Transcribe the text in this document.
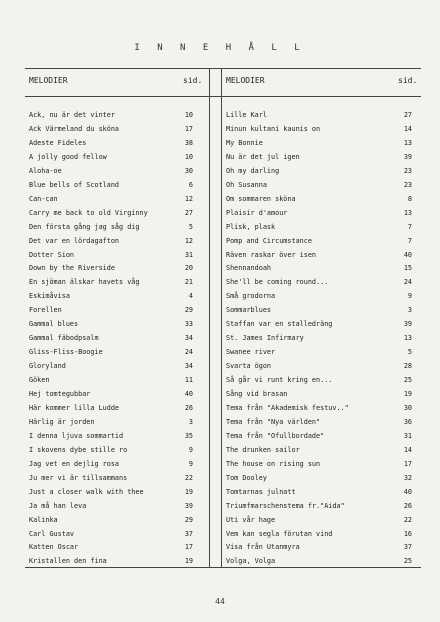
I N N E H Å L L
MELODIER	sid.
Ack, nu är det vinter	10
Ack Värmeland du sköna	17
Adeste Fideles	38
A jolly good fellow	10
Aloha-oe	30
Blue bells of Scotland	6
Can-can	12
Carry me back to old Virginny	27
Den första gång jag såg dig	5
Det var en lördagafton	12
Dotter Sion	31
Down by the Riverside	20
En sjöman älskar havets våg	21
Eskimåvisa	4
Forellen	29
Gammal blues	33
Gammal fäbodpsalm	34
Gliss-Fliss-Boogie	24
Gloryland	34
Göken	11
Hej tomtegubbar	40
Här kommer lilla Ludde	26
Härlig är jorden	3
I denna ljuva sommartid	35
I skovens dybe stille ro	9
Jag vet en dejlig rosa	9
Ju mer vi är tillsammans	22
Just a closer walk with thee	19
Ja må han leva	39
Kalinka	29
Carl Gustav	37
Katten Oscar	17
Kristallen den fina	19
MELODIER	sid.
Lille Karl	27
Minun kultani kaunis on	14
My Bonnie	13
Nu är det jul igen	39
Oh my darling	23
Oh Susanna	23
Om sommaren sköna	8
Plaisir d'amour	13
Plisk, plask	7
Pomp and Circumstance	7
Räven raskar över isen	40
Shennandoah	15
She'll be coming round...	24
Små grodorna	9
Sommarblues	3
Staffan var en stalledräng	39
St. James Infirmary	13
Swanee river	5
Svarta ögon	28
Så går vi runt kring en...	25
Sång vid brasan	19
Tema från "Akademisk festuv.."	30
Tema från "Nya världen"	36
Tema från "Ofullbordade"	31
The drunken sailor	14
The house on rising sun	17
Tom Dooley	32
Tomtarnas julnatt	40
Triumfmarschenstema fr."Aida"	26
Uti vår hage	22
Vem kan segla förutan vind	16
Visa från Utanmyra	37
Volga, Volga	25
44
